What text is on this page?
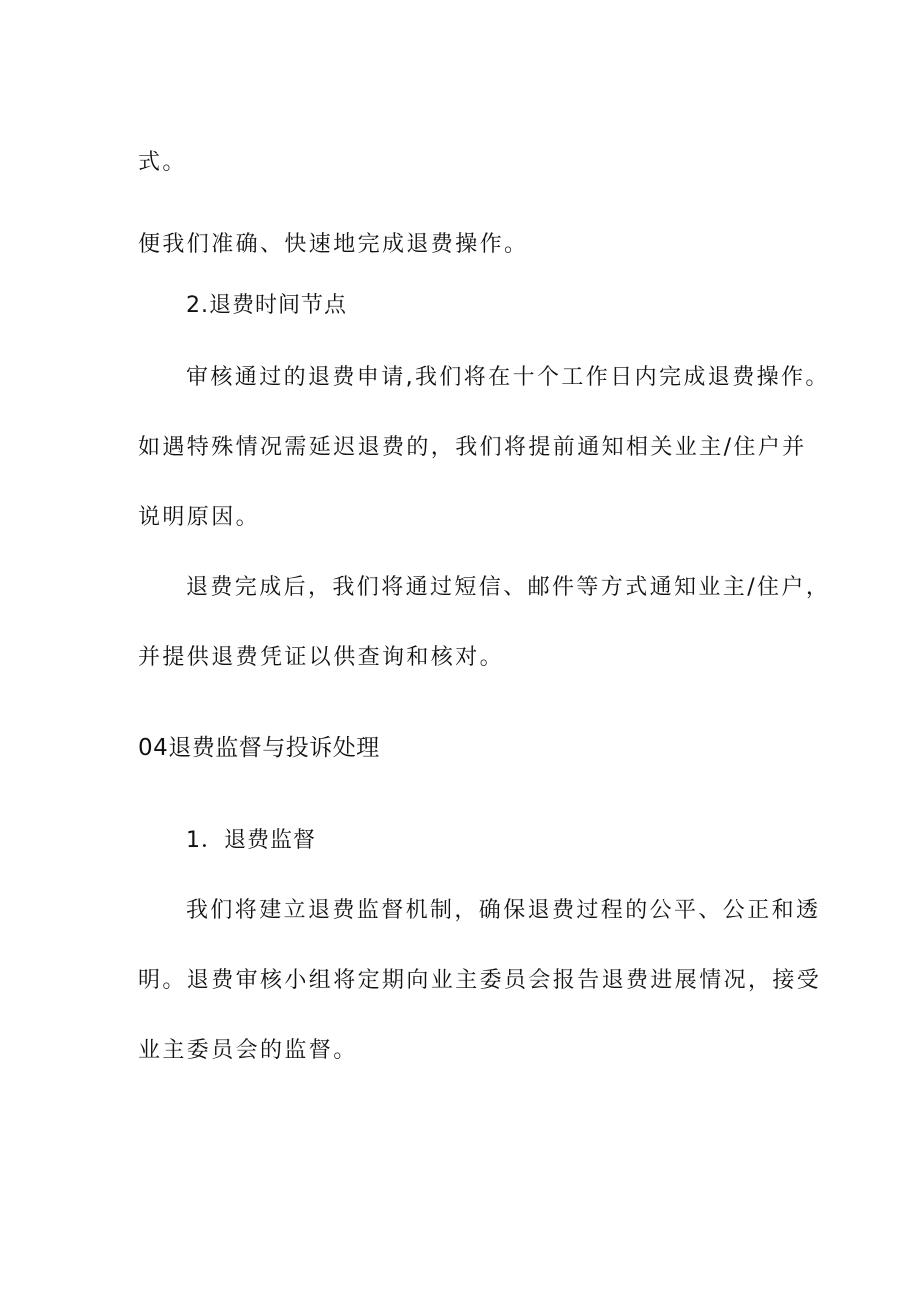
式。
便我们准确、快速地完成退费操作。
2.退费时间节点
审核通过的退费申请,我们将在十个工作日内完成退费操作。
如遇特殊情况需延迟退费的，我们将提前通知相关业主/住户并
说明原因。
退费完成后，我们将通过短信、邮件等方式通知业主/住户，
并提供退费凭证以供查询和核对。
04退费监督与投诉处理
1．退费监督
我们将建立退费监督机制，确保退费过程的公平、公正和透
明。退费审核小组将定期向业主委员会报告退费进展情况，接受
业主委员会的监督。
